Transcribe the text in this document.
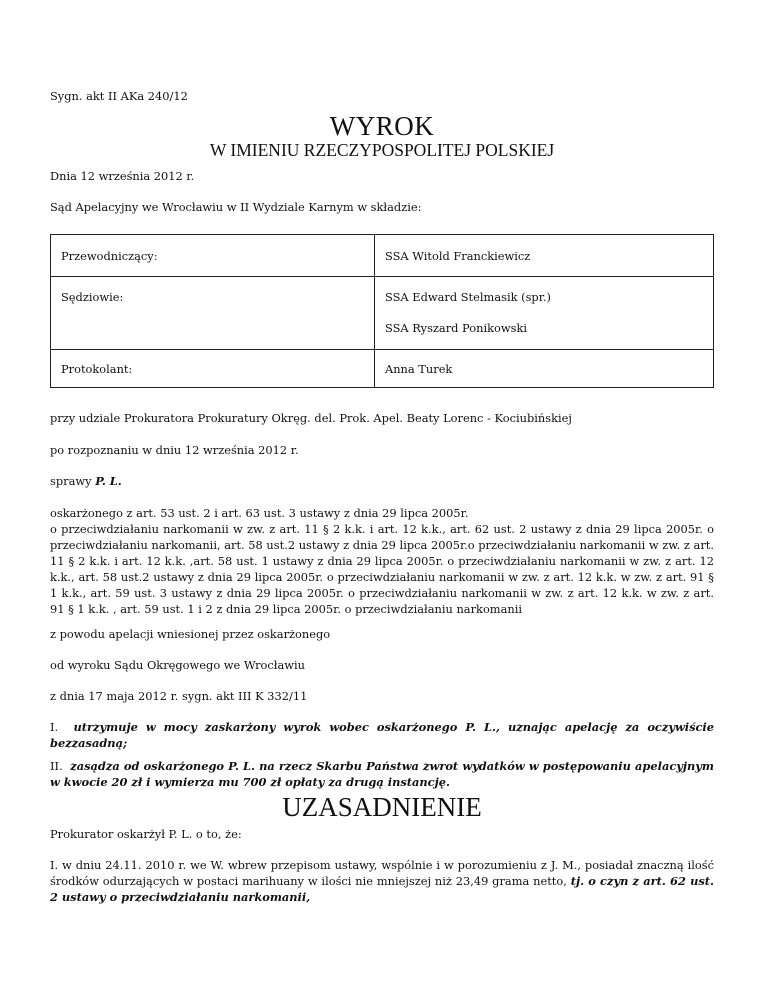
Sygn. akt II AKa 240/12
WYROK
W IMIENIU RZECZYPOSPOLITEJ POLSKIEJ
Dnia 12 września 2012 r.
Sąd Apelacyjny we Wrocławiu w II Wydziale Karnym w składzie:
Przewodniczący:	SSA Witold Franckiewicz

Sędziowie:	SSA Edward Stelmasik (spr.)
SSA Ryszard Ponikowski

Protokolant:	Anna Turek
przy udziale Prokuratora Prokuratury Okręg. del. Prok. Apel. Beaty Lorenc - Kociubińskiej
po rozpoznaniu w dniu 12 września 2012 r.
sprawy P. L.
oskarżonego z art. 53 ust. 2 i art. 63 ust. 3 ustawy z dnia 29 lipca 2005r.
o przeciwdziałaniu narkomanii w zw. z art. 11 § 2 k.k. i art. 12 k.k., art. 62 ust. 2 ustawy z dnia 29 lipca 2005r. o przeciwdziałaniu narkomanii, art. 58 ust.2 ustawy z dnia 29 lipca 2005r.o przeciwdziałaniu narkomanii w zw. z art. 11 § 2 k.k. i art. 12 k.k. ,art. 58 ust. 1 ustawy z dnia 29 lipca 2005r. o przeciwdziałaniu narkomanii w zw. z art. 12 k.k., art. 58 ust.2 ustawy z dnia 29 lipca 2005r. o przeciwdziałaniu narkomanii w zw. z art. 12 k.k. w zw. z art. 91 § 1 k.k., art. 59 ust. 3 ustawy z dnia 29 lipca 2005r. o przeciwdziałaniu narkomanii w zw. z art. 12 k.k. w zw. z art. 91 § 1 k.k. , art. 59 ust. 1 i 2 z dnia 29 lipca 2005r. o przeciwdziałaniu narkomanii
z powodu apelacji wniesionej przez oskarżonego
od wyroku Sądu Okręgowego we Wrocławiu
z dnia 17 maja 2012 r. sygn. akt III K 332/11
I. utrzymuje w mocy zaskarżony wyrok wobec oskarżonego P. L., uznając apelację za oczywiście bezzasadną;
II. zasądza od oskarżonego P. L. na rzecz Skarbu Państwa zwrot wydatków w postępowaniu apelacyjnym w kwocie 20 zł i wymierza mu 700 zł opłaty za drugą instancję.
UZASADNIENIE
Prokurator oskarżył P. L. o to, że:
I. w dniu 24.11. 2010 r. we W. wbrew przepisom ustawy, wspólnie i w porozumieniu z J. M., posiadał znaczną ilość środków odurzających w postaci marihuany w ilości nie mniejszej niż 23,49 grama netto, tj. o czyn z art. 62 ust. 2 ustawy o przeciwdziałaniu narkomanii,
